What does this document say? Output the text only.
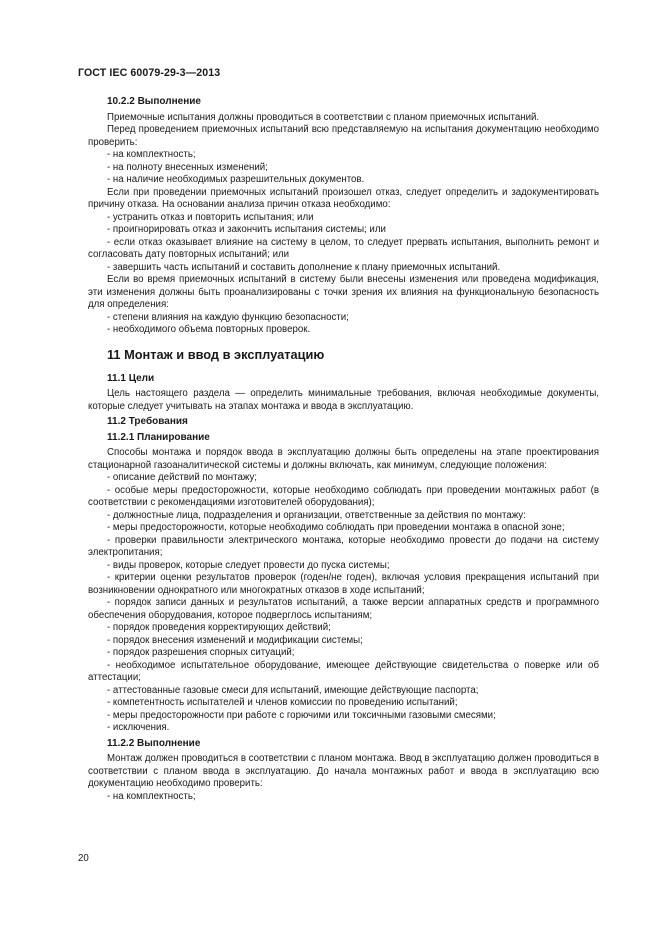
ГОСТ IEC 60079-29-3—2013
10.2.2 Выполнение

Приемочные испытания должны проводиться в соответствии с планом приемочных испытаний.

Перед проведением приемочных испытаний всю представляемую на испытания документацию необходимо проверить:

- на комплектность;

- на полноту внесенных изменений;

- на наличие необходимых разрешительных документов.

Если при проведении приемочных испытаний произошел отказ, следует определить и задокументировать причину отказа. На основании анализа причин отказа необходимо:

- устранить отказ и повторить испытания; или

- проигнорировать отказ и закончить испытания системы; или

- если отказ оказывает влияние на систему в целом, то следует прервать испытания, выполнить ремонт и согласовать дату повторных испытаний; или

- завершить часть испытаний и составить дополнение к плану приемочных испытаний.

Если во время приемочных испытаний в систему были внесены изменения или проведена модификация, эти изменения должны быть проанализированы с точки зрения их влияния на функциональную безопасность для определения:

- степени влияния на каждую функцию безопасности;

- необходимого объема повторных проверок.

11 Монтаж и ввод в эксплуатацию
11.1 Цели

Цель настоящего раздела — определить минимальные требования, включая необходимые документы, которые следует учитывать на этапах монтажа и ввода в эксплуатацию.

11.2 Требования
11.2.1 Планирование

Способы монтажа и порядок ввода в эксплуатацию должны быть определены на этапе проектирования стационарной газоаналитической системы и должны включать, как минимум, следующие положения:

- описание действий по монтажу;

- особые меры предосторожности, которые необходимо соблюдать при проведении монтажных работ (в соответствии с рекомендациями изготовителей оборудования);

- должностные лица, подразделения и организации, ответственные за действия по монтажу:

- меры предосторожности, которые необходимо соблюдать при проведении монтажа в опасной зоне;

- проверки правильности электрического монтажа, которые необходимо провести до подачи на систему электропитания;

- виды проверок, которые следует провести до пуска системы;

- критерии оценки результатов проверок (годен/не годен), включая условия прекращения испытаний при возникновении однократного или многократных отказов в ходе испытаний;

- порядок записи данных и результатов испытаний, а также версии аппаратных средств и программного обеспечения оборудования, которое подверглось испытаниям;

- порядок проведения корректирующих действий;

- порядок внесения изменений и модификации системы;

- порядок разрешения спорных ситуаций;

- необходимое испытательное оборудование, имеющее действующие свидетельства о поверке или об аттестации;

- аттестованные газовые смеси для испытаний, имеющие действующие паспорта;

- компетентность испытателей и членов комиссии по проведению испытаний;

- меры предосторожности при работе с горючими или токсичными газовыми смесями;

- исключения.

11.2.2 Выполнение

Монтаж должен проводиться в соответствии с планом монтажа. Ввод в эксплуатацию должен проводиться в соответствии с планом ввода в эксплуатацию. До начала монтажных работ и ввода в эксплуатацию всю документацию необходимо проверить:

- на комплектность;

20
